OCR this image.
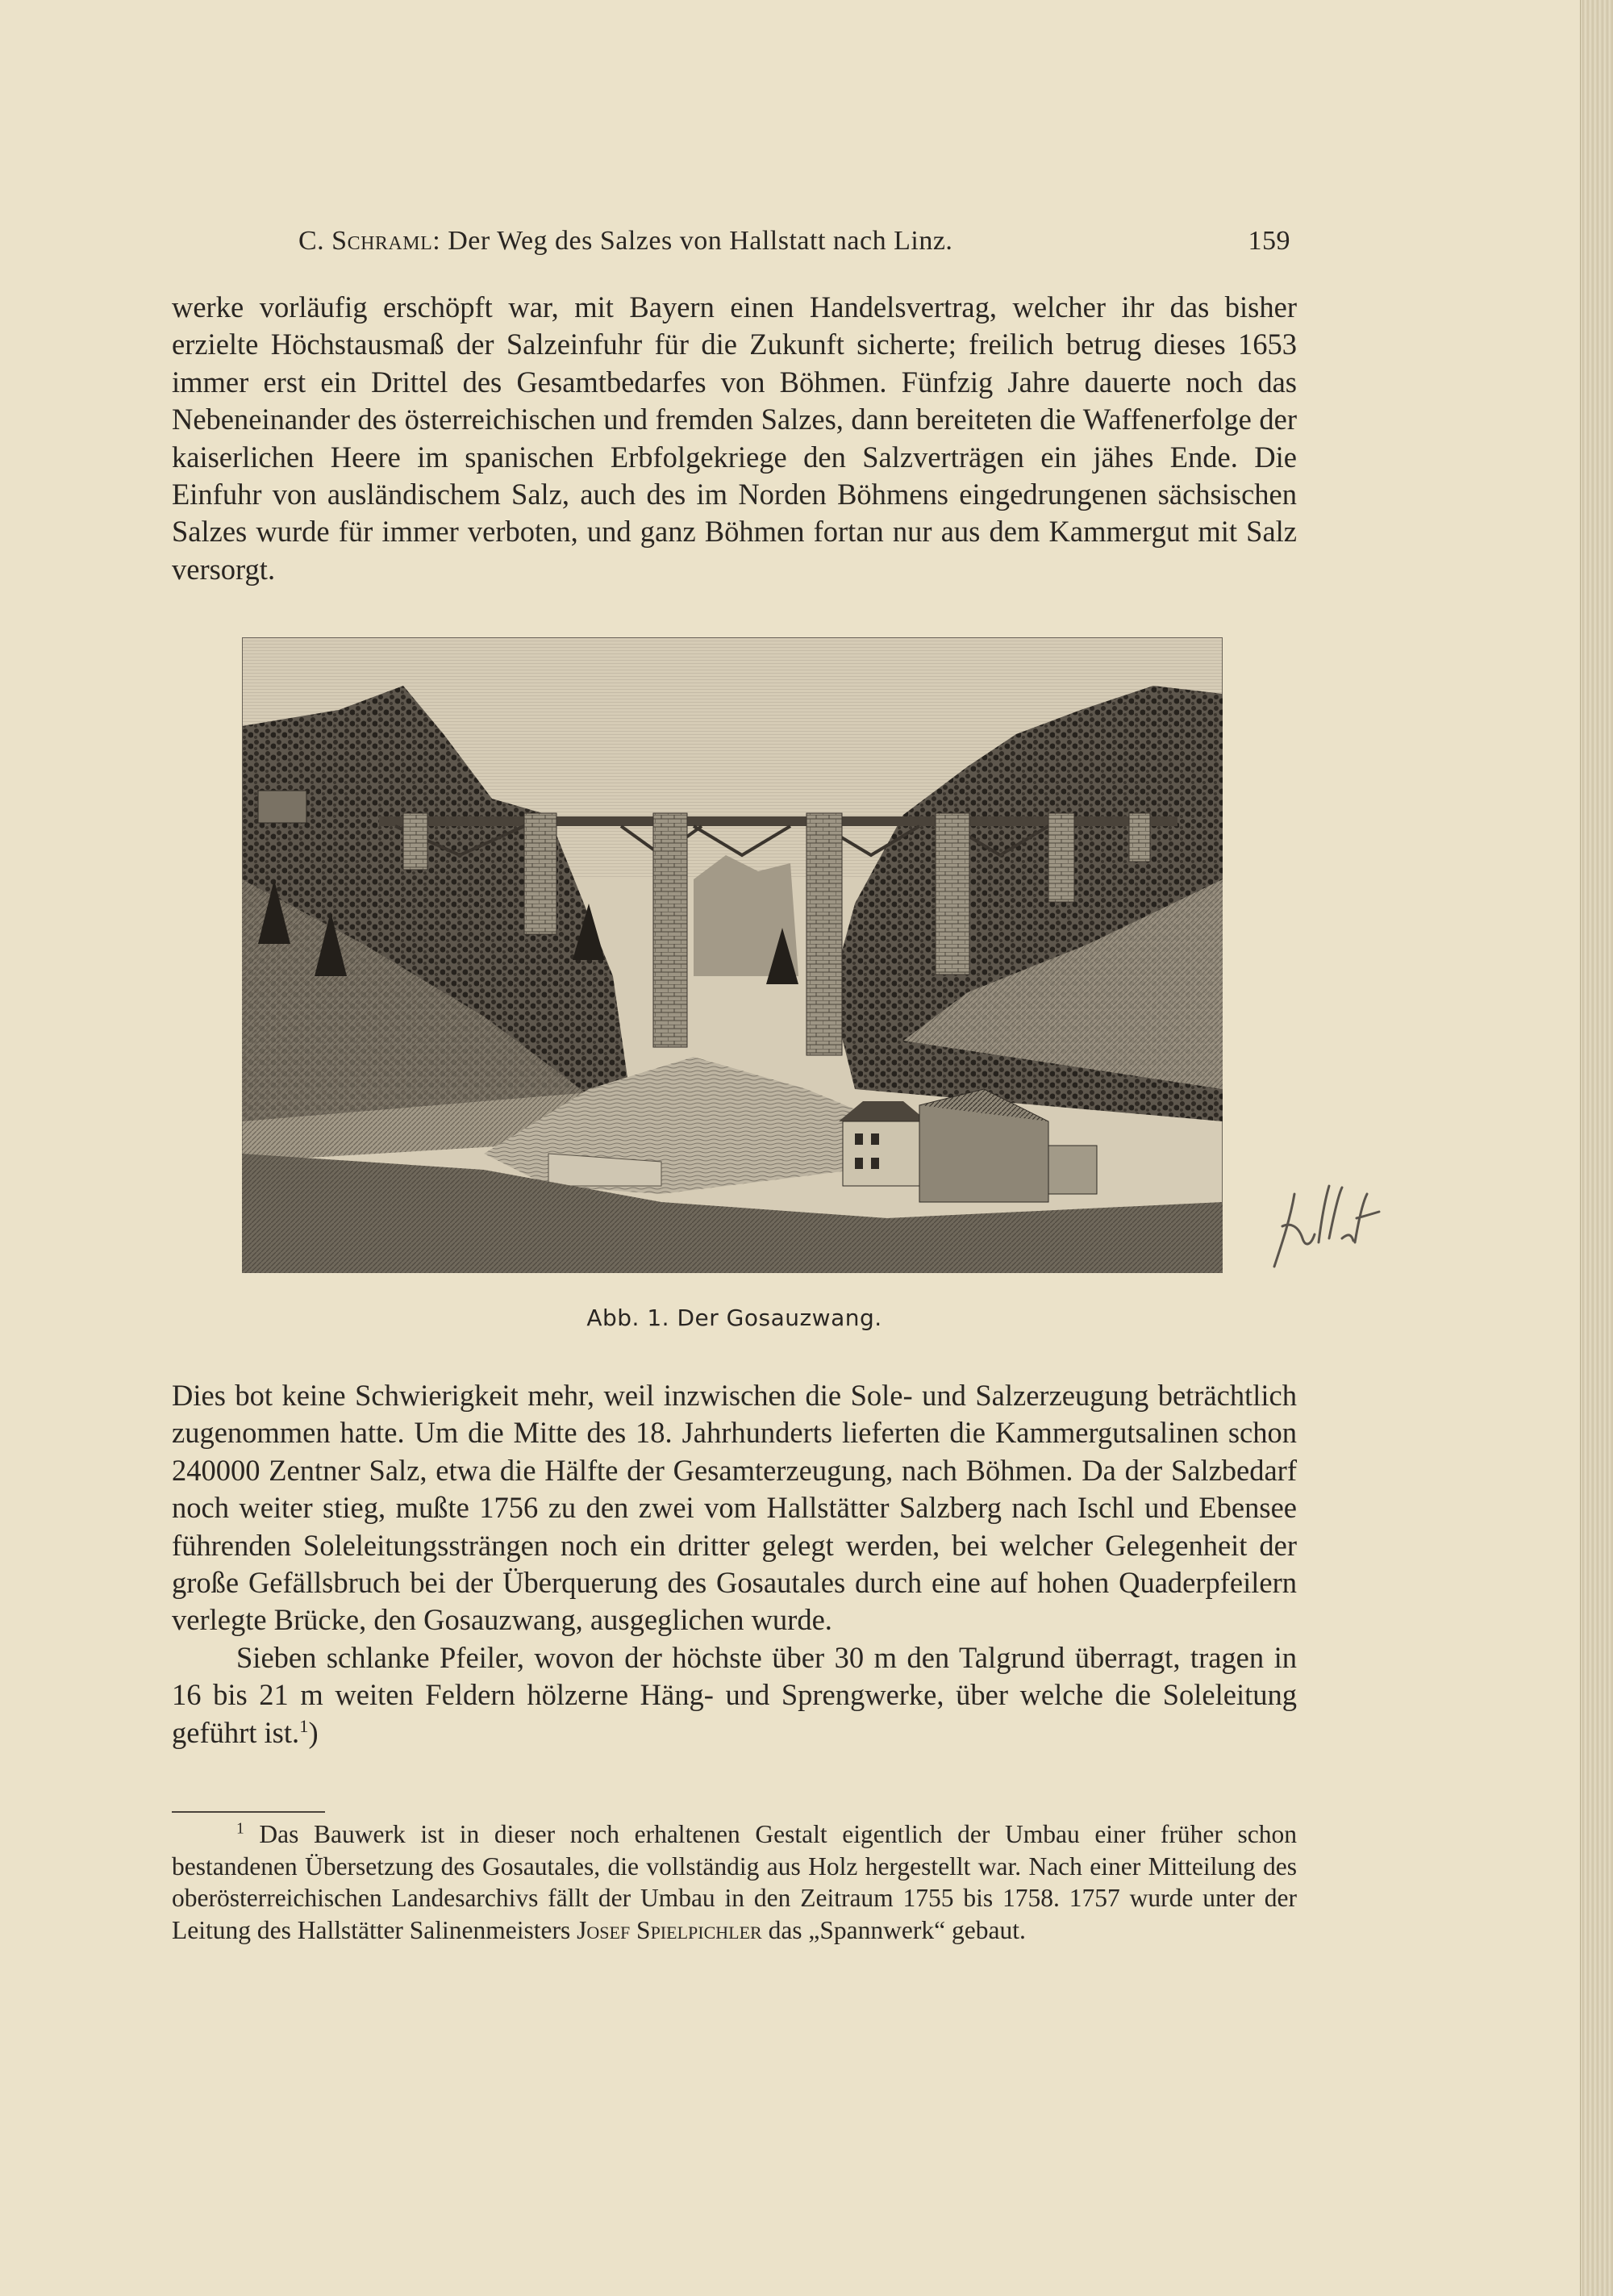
C. Schraml: Der Weg des Salzes von Hallstatt nach Linz.	159

werke vorläufig erschöpft war, mit Bayern einen Handelsvertrag, welcher ihr das bisher erzielte Höchstausmaß der Salzeinfuhr für die Zukunft sicherte; freilich betrug dieses 1653 immer erst ein Drittel des Gesamtbedarfes von Böhmen. Fünfzig Jahre dauerte noch das Nebeneinander des österreichischen und fremden Salzes, dann bereiteten die Waffenerfolge der kaiserlichen Heere im spanischen Erbfolgekriege den Salzverträgen ein jähes Ende. Die Einfuhr von ausländischem Salz, auch des im Norden Böhmens eingedrungenen sächsischen Salzes wurde für immer verboten, und ganz Böhmen fortan nur aus dem Kammergut mit Salz versorgt.

Abb. 1. Der Gosauzwang.

Dies bot keine Schwierigkeit mehr, weil inzwischen die Sole- und Salzerzeugung beträchtlich zugenommen hatte. Um die Mitte des 18. Jahrhunderts lieferten die Kammergutsalinen schon 240000 Zentner Salz, etwa die Hälfte der Gesamterzeugung, nach Böhmen. Da der Salzbedarf noch weiter stieg, mußte 1756 zu den zwei vom Hallstätter Salzberg nach Ischl und Ebensee führenden Soleleitungssträngen noch ein dritter gelegt werden, bei welcher Gelegenheit der große Gefällsbruch bei der Überquerung des Gosautales durch eine auf hohen Quaderpfeilern verlegte Brücke, den Gosauzwang, ausgeglichen wurde.

Sieben schlanke Pfeiler, wovon der höchste über 30 m den Talgrund überragt, tragen in 16 bis 21 m weiten Feldern hölzerne Häng- und Sprengwerke, über welche die Soleleitung geführt ist.$^1$)

$^1$ Das Bauwerk ist in dieser noch erhaltenen Gestalt eigentlich der Umbau einer früher schon bestandenen Übersetzung des Gosautales, die vollständig aus Holz hergestellt war. Nach einer Mitteilung des oberösterreichischen Landesarchivs fällt der Umbau in den Zeitraum 1755 bis 1758. 1757 wurde unter der Leitung des Hallstätter Salinenmeisters Josef Spielpichler das „Spannwerk“ gebaut.
